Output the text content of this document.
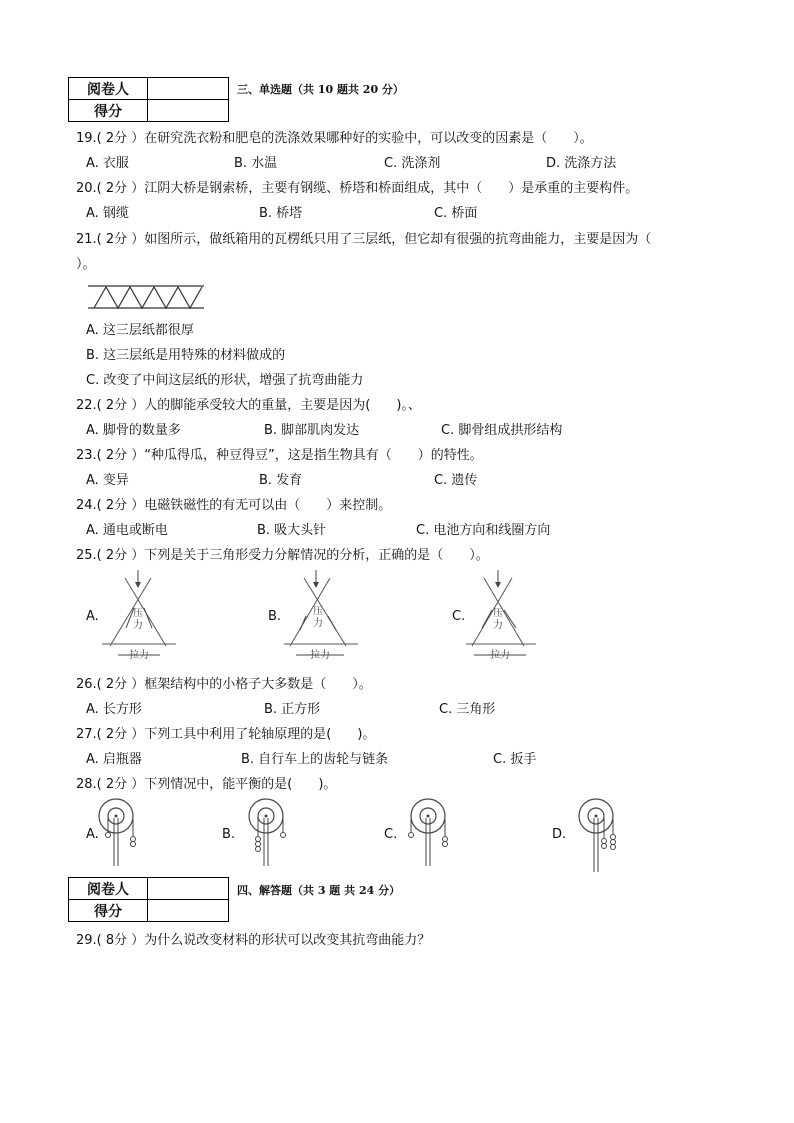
阅卷人	
得分	
三、单选题（共 10 题共 20 分）
19.( 2分 ）在研究洗衣粉和肥皂的洗涤效果哪种好的实验中，可以改变的因素是（　　）。
A. 衣服	B. 水温	C. 洗涤剂	D. 洗涤方法
20.( 2分 ）江阴大桥是钢索桥，主要有钢缆、桥塔和桥面组成，其中（　　）是承重的主要构件。
A. 钢缆	B. 桥塔	C. 桥面
21.( 2分 ）如图所示，做纸箱用的瓦楞纸只用了三层纸，但它却有很强的抗弯曲能力，主要是因为（
）。
A. 这三层纸都很厚
B. 这三层纸是用特殊的材料做成的
C. 改变了中间这层纸的形状，增强了抗弯曲能力
22.( 2分 ）人的脚能承受较大的重量，主要是因为(　　)。、
A. 脚骨的数量多	B. 脚部肌肉发达	C. 脚骨组成拱形结构
23.( 2分 ）“种瓜得瓜，种豆得豆”，这是指生物具有（　　）的特性。
A. 变异	B. 发育	C. 遗传
24.( 2分 ）电磁铁磁性的有无可以由（　　）来控制。
A. 通电或断电	B. 吸大头针	C. 电池方向和线圈方向
25.( 2分 ）下列是关于三角形受力分解情况的分析，正确的是（　　）。
A.	B.	C.
压
力
拉力
压
力
拉力
压
力
拉力
26.( 2分 ）框架结构中的小格子大多数是（　　）。
A. 长方形	B. 正方形	C. 三角形
27.( 2分 ）下列工具中利用了轮轴原理的是(　　)。
A. 启瓶器	B. 自行车上的齿轮与链条	C. 扳手
28.( 2分 ）下列情况中，能平衡的是(　　)。
A.	B.	C.	D.
阅卷人	
得分	
四、解答题（共 3 题 共 24 分）
29.( 8分 ）为什么说改变材料的形状可以改变其抗弯曲能力？
